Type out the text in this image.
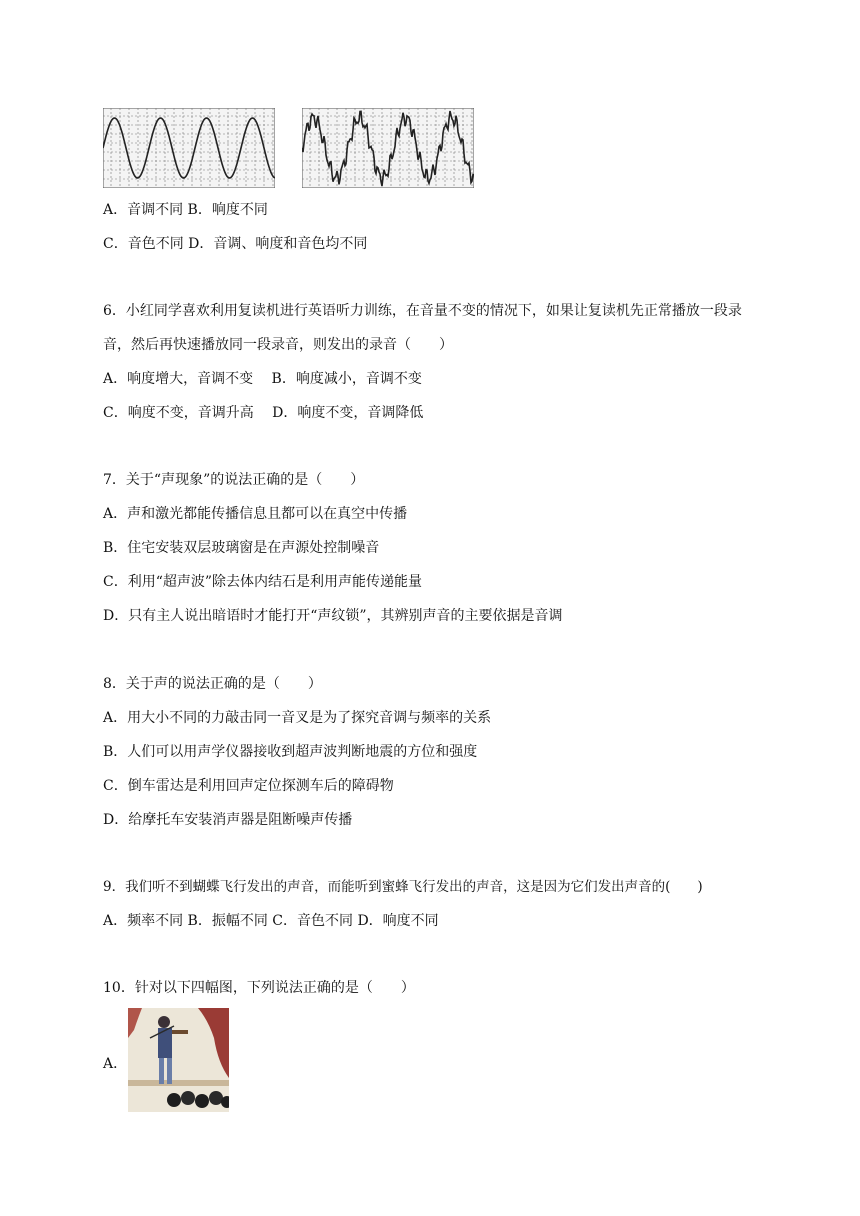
A．音调不同 B．响度不同
C．音色不同 D．音调、响度和音色均不同
6．小红同学喜欢利用复读机进行英语听力训练，在音量不变的情况下，如果让复读机先正常播放一段录音，然后再快速播放同一段录音，则发出的录音（　　）
A．响度增大，音调不变　 B．响度减小，音调不变
C．响度不变，音调升高　 D．响度不变，音调降低
7．关于“声现象”的说法正确的是（　　）
A．声和激光都能传播信息且都可以在真空中传播
B．住宅安装双层玻璃窗是在声源处控制噪音
C．利用“超声波”除去体内结石是利用声能传递能量
D．只有主人说出暗语时才能打开“声纹锁”，其辨别声音的主要依据是音调
8．关于声的说法正确的是（　　）
A．用大小不同的力敲击同一音叉是为了探究音调与频率的关系
B．人们可以用声学仪器接收到超声波判断地震的方位和强度
C．倒车雷达是利用回声定位探测车后的障碍物
D．给摩托车安装消声器是阻断噪声传播
9．我们听不到蝴蝶飞行发出的声音，而能听到蜜蜂飞行发出的声音，这是因为它们发出声音的(　　)
A．频率不同 B．振幅不同 C．音色不同 D．响度不同
10．针对以下四幅图，下列说法正确的是（　　）
A．
